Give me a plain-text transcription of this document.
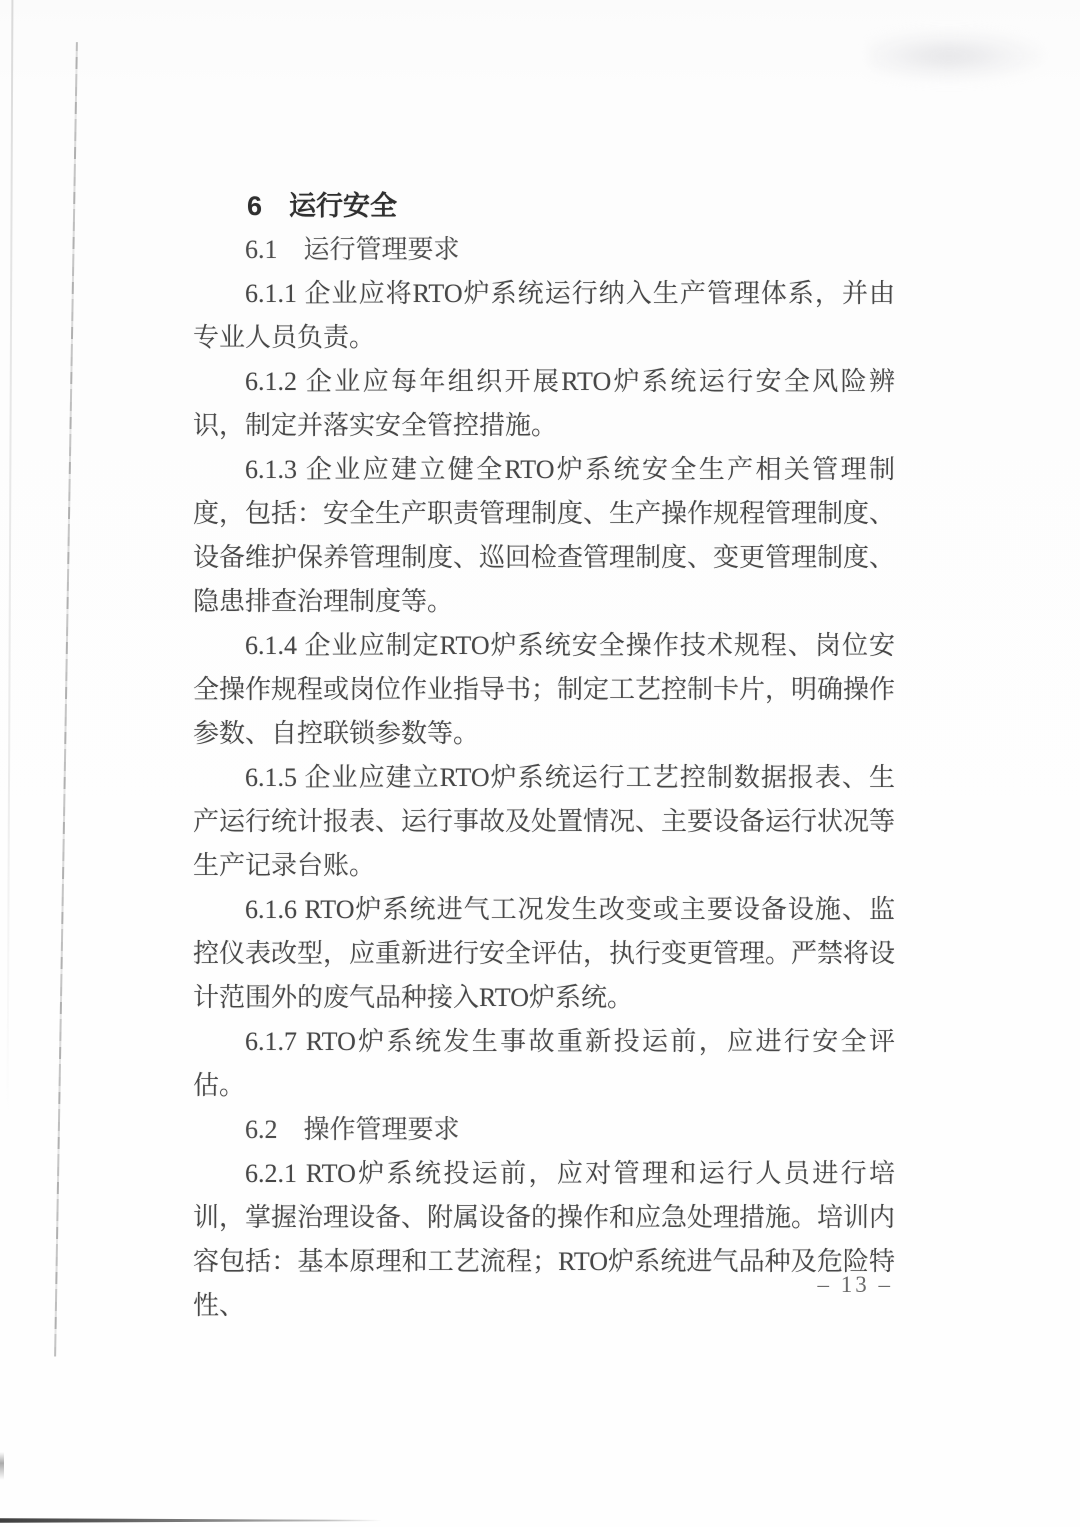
6　运行安全
6.1　运行管理要求

6.1.1 企业应将RTO炉系统运行纳入生产管理体系，并由专业人员负责。

6.1.2 企业应每年组织开展RTO炉系统运行安全风险辨识，制定并落实安全管控措施。

6.1.3 企业应建立健全RTO炉系统安全生产相关管理制度，包括：安全生产职责管理制度、生产操作规程管理制度、设备维护保养管理制度、巡回检查管理制度、变更管理制度、隐患排查治理制度等。

6.1.4 企业应制定RTO炉系统安全操作技术规程、岗位安全操作规程或岗位作业指导书；制定工艺控制卡片，明确操作参数、自控联锁参数等。

6.1.5 企业应建立RTO炉系统运行工艺控制数据报表、生产运行统计报表、运行事故及处置情况、主要设备运行状况等生产记录台账。

6.1.6 RTO炉系统进气工况发生改变或主要设备设施、监控仪表改型，应重新进行安全评估，执行变更管理。严禁将设计范围外的废气品种接入RTO炉系统。

6.1.7 RTO炉系统发生事故重新投运前，应进行安全评估。

6.2　操作管理要求

6.2.1 RTO炉系统投运前，应对管理和运行人员进行培训，掌握治理设备、附属设备的操作和应急处理措施。培训内容包括：基本原理和工艺流程；RTO炉系统进气品种及危险特性、

– 13 –
